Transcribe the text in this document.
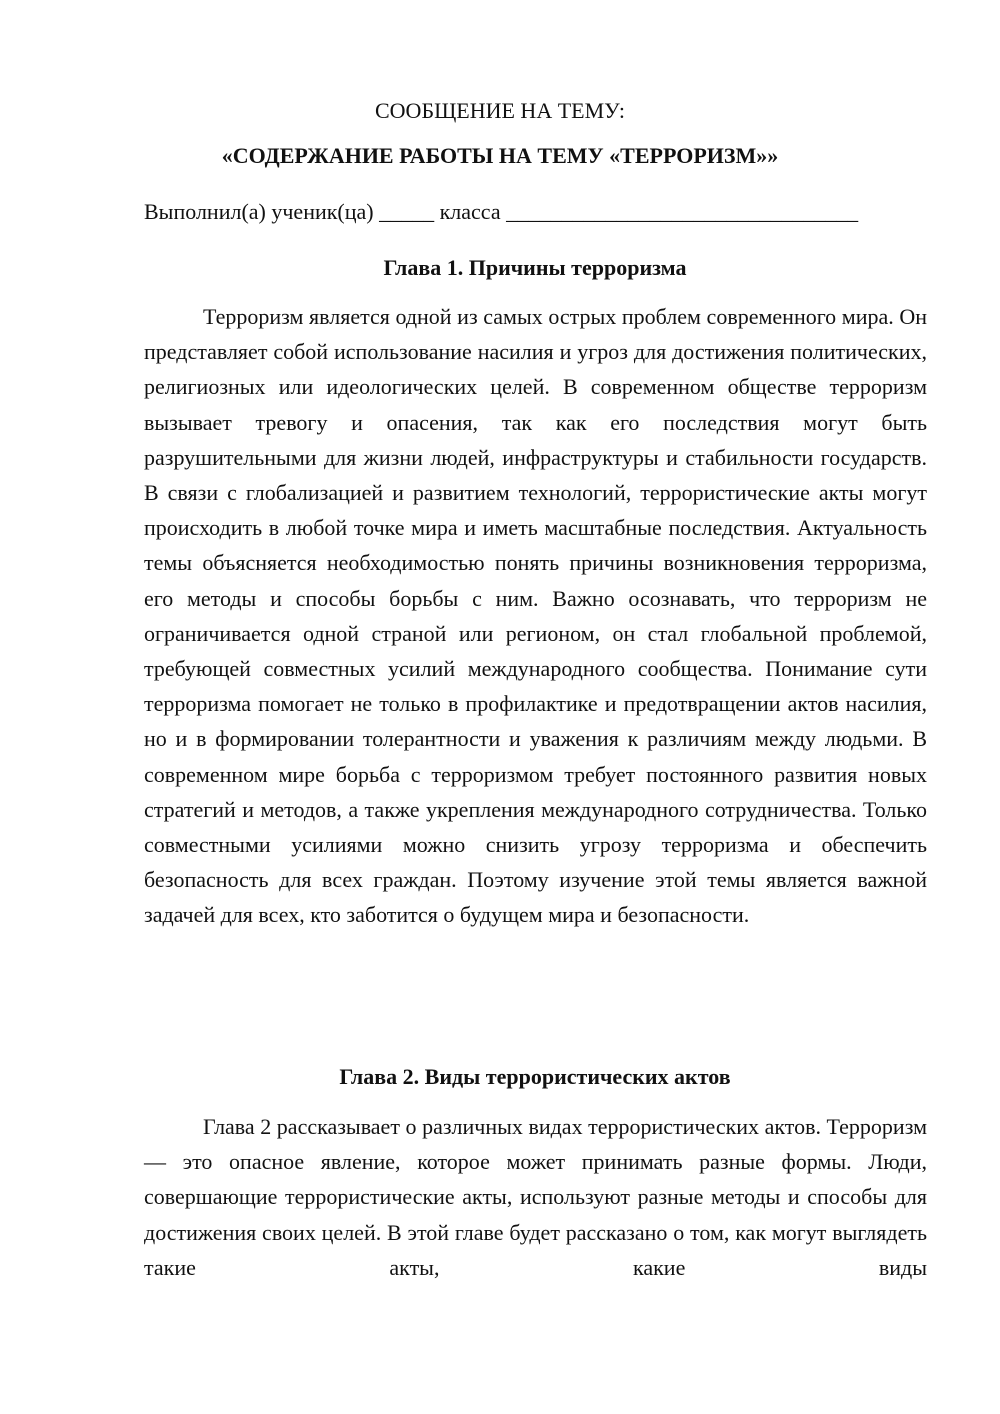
СООБЩЕНИЕ НА ТЕМУ:
«СОДЕРЖАНИЕ РАБОТЫ НА ТЕМУ «ТЕРРОРИЗМ»»
Выполнил(а) ученик(ца) _____ класса ________________________________
Глава 1. Причины терроризма

Терроризм является одной из самых острых проблем современного мира. Он представляет собой использование насилия и угроз для достижения политических, религиозных или идеологических целей. В современном обществе терроризм вызывает тревогу и опасения, так как его последствия могут быть разрушительными для жизни людей, инфраструктуры и стабильности государств. В связи с глобализацией и развитием технологий, террористические акты могут происходить в любой точке мира и иметь масштабные последствия. Актуальность темы объясняется необходимостью понять причины возникновения терроризма, его методы и способы борьбы с ним. Важно осознавать, что терроризм не ограничивается одной страной или регионом, он стал глобальной проблемой, требующей совместных усилий международного сообщества. Понимание сути терроризма помогает не только в профилактике и предотвращении актов насилия, но и в формировании толерантности и уважения к различиям между людьми. В современном мире борьба с терроризмом требует постоянного развития новых стратегий и методов, а также укрепления международного сотрудничества. Только совместными усилиями можно снизить угрозу терроризма и обеспечить безопасность для всех граждан. Поэтому изучение этой темы является важной задачей для всех, кто заботится о будущем мира и безопасности.

Глава 2. Виды террористических актов

Глава 2 рассказывает о различных видах террористических актов. Терроризм — это опасное явление, которое может принимать разные формы. Люди, совершающие террористические акты, используют разные методы и способы для достижения своих целей. В этой главе будет рассказано о том, как могут выглядеть такие акты, какие виды
